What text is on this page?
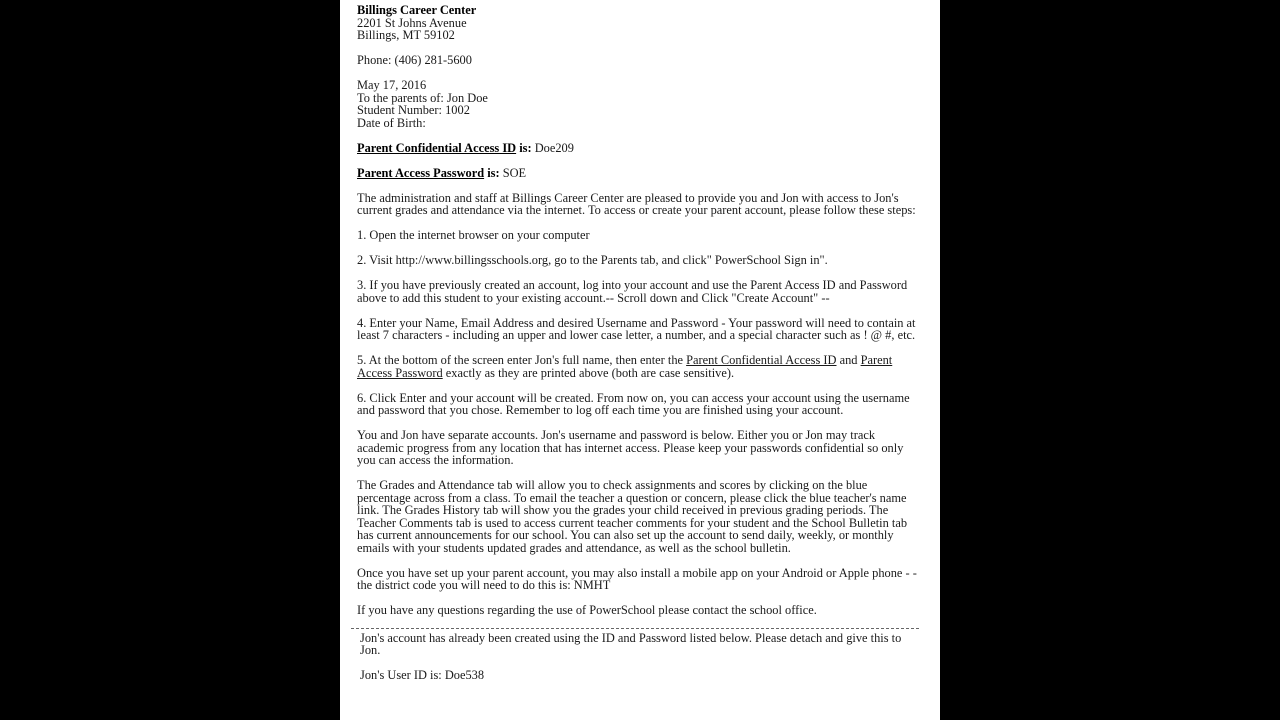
Billings Career Center
2201 St Johns Avenue
Billings, MT 59102
Phone: (406) 281-5600
May 17, 2016
To the parents of: Jon Doe
Student Number: 1002
Date of Birth:
Parent Confidential Access ID is: Doe209
Parent Access Password is: SOE

The administration and staff at Billings Career Center are pleased to provide you and Jon with access to Jon's current grades and attendance via the internet. To access or create your parent account, please follow these steps:

1. Open the internet browser on your computer

2. Visit http://www.billingsschools.org, go to the Parents tab, and click" PowerSchool Sign in".

3. If you have previously created an account, log into your account and use the Parent Access ID and Password above to add this student to your existing account.-- Scroll down and Click "Create Account" --

4. Enter your Name, Email Address and desired Username and Password - Your password will need to contain at least 7 characters - including an upper and lower case letter, a number, and a special character such as ! @ #, etc.

5. At the bottom of the screen enter Jon's full name, then enter the Parent Confidential Access ID and Parent Access Password exactly as they are printed above (both are case sensitive).

6. Click Enter and your account will be created. From now on, you can access your account using the username and password that you chose. Remember to log off each time you are finished using your account.

You and Jon have separate accounts. Jon's username and password is below. Either you or Jon may track academic progress from any location that has internet access. Please keep your passwords confidential so only you can access the information.

The Grades and Attendance tab will allow you to check assignments and scores by clicking on the blue percentage across from a class. To email the teacher a question or concern, please click the blue teacher's name link. The Grades History tab will show you the grades your child received in previous grading periods. The Teacher Comments tab is used to access current teacher comments for your student and the School Bulletin tab has current announcements for our school. You can also set up the account to send daily, weekly, or monthly emails with your students updated grades and attendance, as well as the school bulletin.

Once you have set up your parent account, you may also install a mobile app on your Android or Apple phone - - the district code you will need to do this is: NMHT

If you have any questions regarding the use of PowerSchool please contact the school office.

Jon's account has already been created using the ID and Password listed below. Please detach and give this to Jon.

Jon's User ID is: Doe538
